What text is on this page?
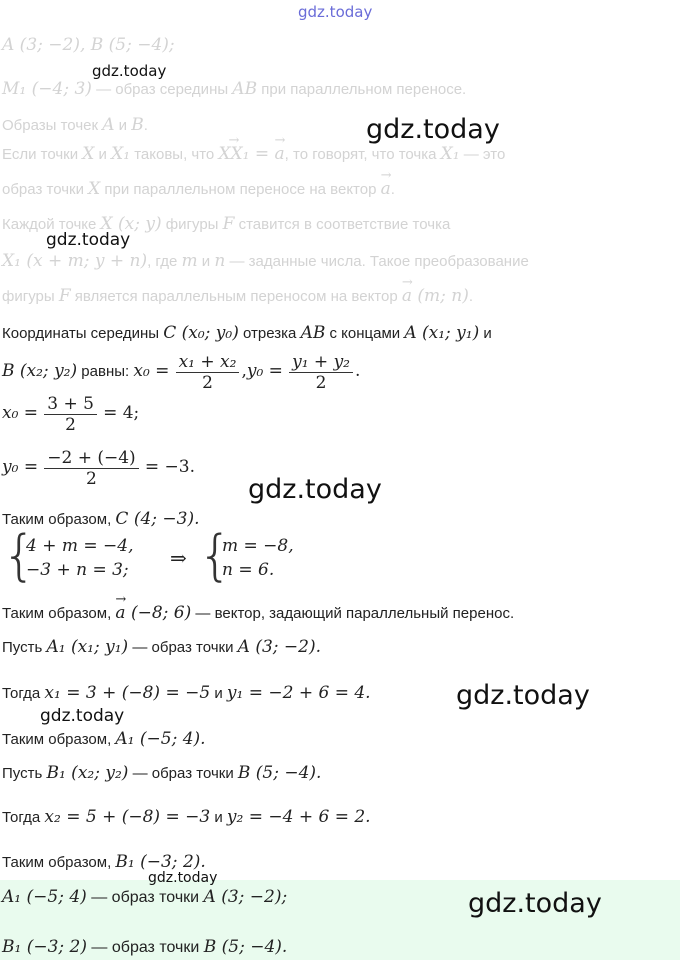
A (3; −2), B (5; −4);
M₁ (−4; 3) — образ середины AB при параллельном переносе.
Образы точек A и B.
Если точки X и X₁ таковы, что → XX₁ = → a, то говорят, что точка X₁ — это
образ точки X при параллельном переносе на вектор → a.
Каждой точке X (x; y) фигуры F ставится в соответствие точка
X₁ (x + m; y + n), где m и n — заданные числа. Такое преобразование
фигуры F является параллельным переносом на вектор → a (m; n).
Координаты середины C (x₀; y₀) отрезка AB с концами A (x₁; y₁) и
B (x₂; y₂) равны: $x_0 = \frac{\text{x₁ + x₂}}{2} ,y_0 = \frac{\text{y₁ + y₂}}{2}$ .
$x_0 = \frac{3 + 5}{2} = 4$;
$y_0 = \frac{-2 + (-4)}{2} = -3$.
Таким образом, C (4; −3).
{
4 + m = −4,
−3 + n = 3; ⇒ {
m = −8,
n = 6.
Таким образом, → a (−8; 6) — вектор, задающий параллельный перенос.
Пусть A₁ (x₁; y₁) — образ точки A (3; −2).
Тогда x₁ = 3 + (−8) = −5 и y₁ = −2 + 6 = 4.
Таким образом, A₁ (−5; 4).
Пусть B₁ (x₂; y₂) — образ точки B (5; −4).
Тогда x₂ = 5 + (−8) = −3 и y₂ = −4 + 6 = 2.
Таким образом, B₁ (−3; 2).
A₁ (−5; 4) — образ точки A (3; −2);
B₁ (−3; 2) — образ точки B (5; −4).
gdz.today
gdz.today
gdz.today
gdz.today
gdz.today
gdz.today
gdz.today
gdz.today
gdz.today
